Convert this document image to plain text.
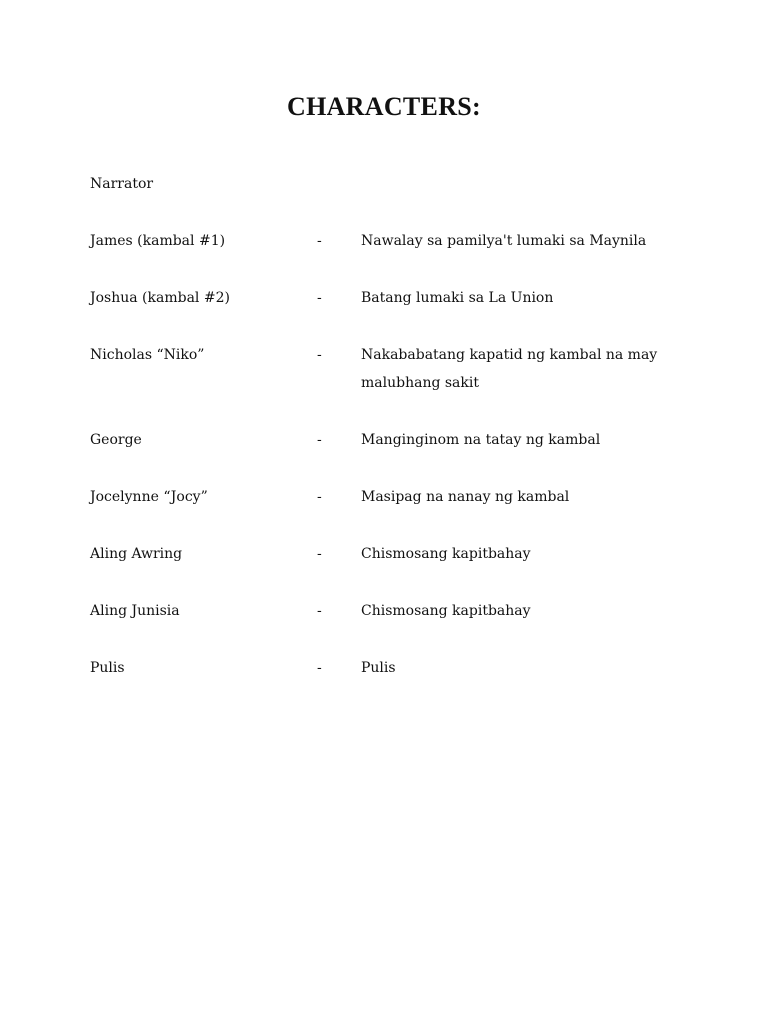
CHARACTERS:
Narrator
James (kambal #1)	-	Nawalay sa pamilya't lumaki sa Maynila
Joshua (kambal #2)	-	Batang lumaki sa La Union
Nicholas “Niko”	-	Nakababatang kapatid ng kambal na may malubhang sakit
George	-	Manginginom na tatay ng kambal
Jocelynne “Jocy”	-	Masipag na nanay ng kambal
Aling Awring	-	Chismosang kapitbahay
Aling Junisia	-	Chismosang kapitbahay
Pulis	-	Pulis
